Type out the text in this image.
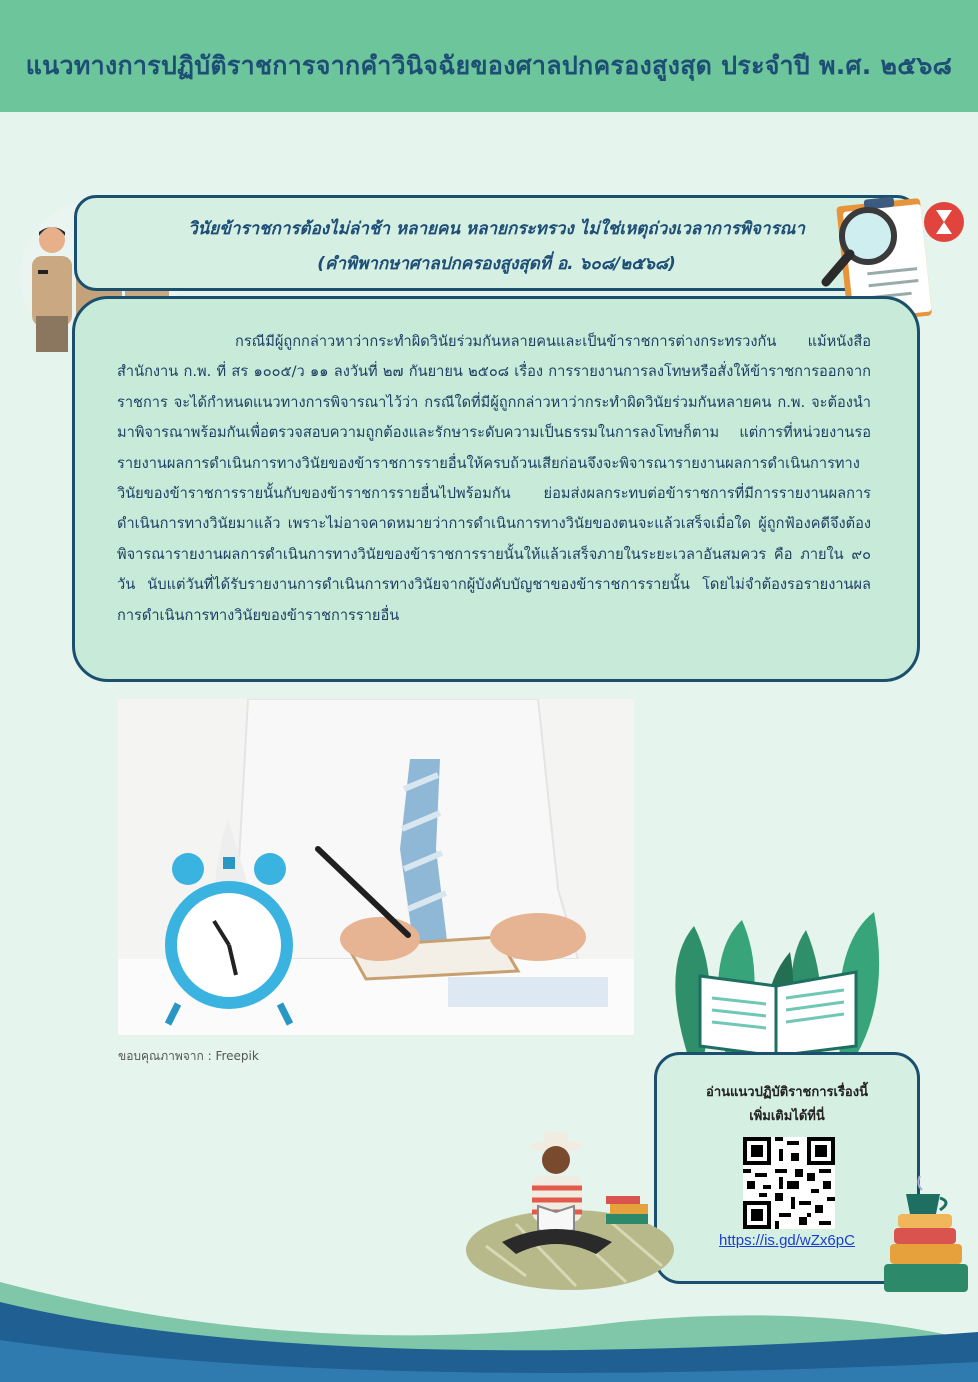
แนวทางการปฏิบัติราชการจากคำวินิจฉัยของศาลปกครองสูงสุด ประจำปี พ.ศ. ๒๕๖๘
วินัยข้าราชการต้องไม่ล่าช้า หลายคน หลายกระทรวง ไม่ใช่เหตุถ่วงเวลาการพิจารณา
(คำพิพากษาศาลปกครองสูงสุดที่ อ. ๖๐๘/๒๕๖๘)

กรณีมีผู้ถูกกล่าวหาว่ากระทำผิดวินัยร่วมกันหลายคนและเป็นข้าราชการต่างกระทรวงกัน แม้หนังสือสำนักงาน ก.พ. ที่ สร ๑๐๐๕/ว ๑๑ ลงวันที่ ๒๗ กันยายน ๒๕๐๘ เรื่อง การรายงานการลงโทษหรือสั่งให้ข้าราชการออกจากราชการ จะได้กำหนดแนวทางการพิจารณาไว้ว่า กรณีใดที่มีผู้ถูกกล่าวหาว่ากระทำผิดวินัยร่วมกันหลายคน ก.พ. จะต้องนำมาพิจารณาพร้อมกันเพื่อตรวจสอบความถูกต้องและรักษาระดับความเป็นธรรมในการลงโทษก็ตาม แต่การที่หน่วยงานรอรายงานผลการดำเนินการทางวินัยของข้าราชการรายอื่นให้ครบถ้วนเสียก่อนจึงจะพิจารณารายงานผลการดำเนินการทางวินัยของข้าราชการรายนั้นกับของข้าราชการรายอื่นไปพร้อมกัน ย่อมส่งผลกระทบต่อข้าราชการที่มีการรายงานผลการดำเนินการทางวินัยมาแล้ว เพราะไม่อาจคาดหมายว่าการดำเนินการทางวินัยของตนจะแล้วเสร็จเมื่อใด ผู้ถูกฟ้องคดีจึงต้องพิจารณารายงานผลการดำเนินการทางวินัยของข้าราชการรายนั้นให้แล้วเสร็จภายในระยะเวลาอันสมควร คือ ภายใน ๙๐ วัน นับแต่วันที่ได้รับรายงานการดำเนินการทางวินัยจากผู้บังคับบัญชาของข้าราชการรายนั้น โดยไม่จำต้องรอรายงานผลการดำเนินการทางวินัยของข้าราชการรายอื่น

ขอบคุณภาพจาก : Freepik
อ่านแนวปฏิบัติราชการเรื่องนี้
เพิ่มเติมได้ที่นี่
https://is.gd/wZx6pC
